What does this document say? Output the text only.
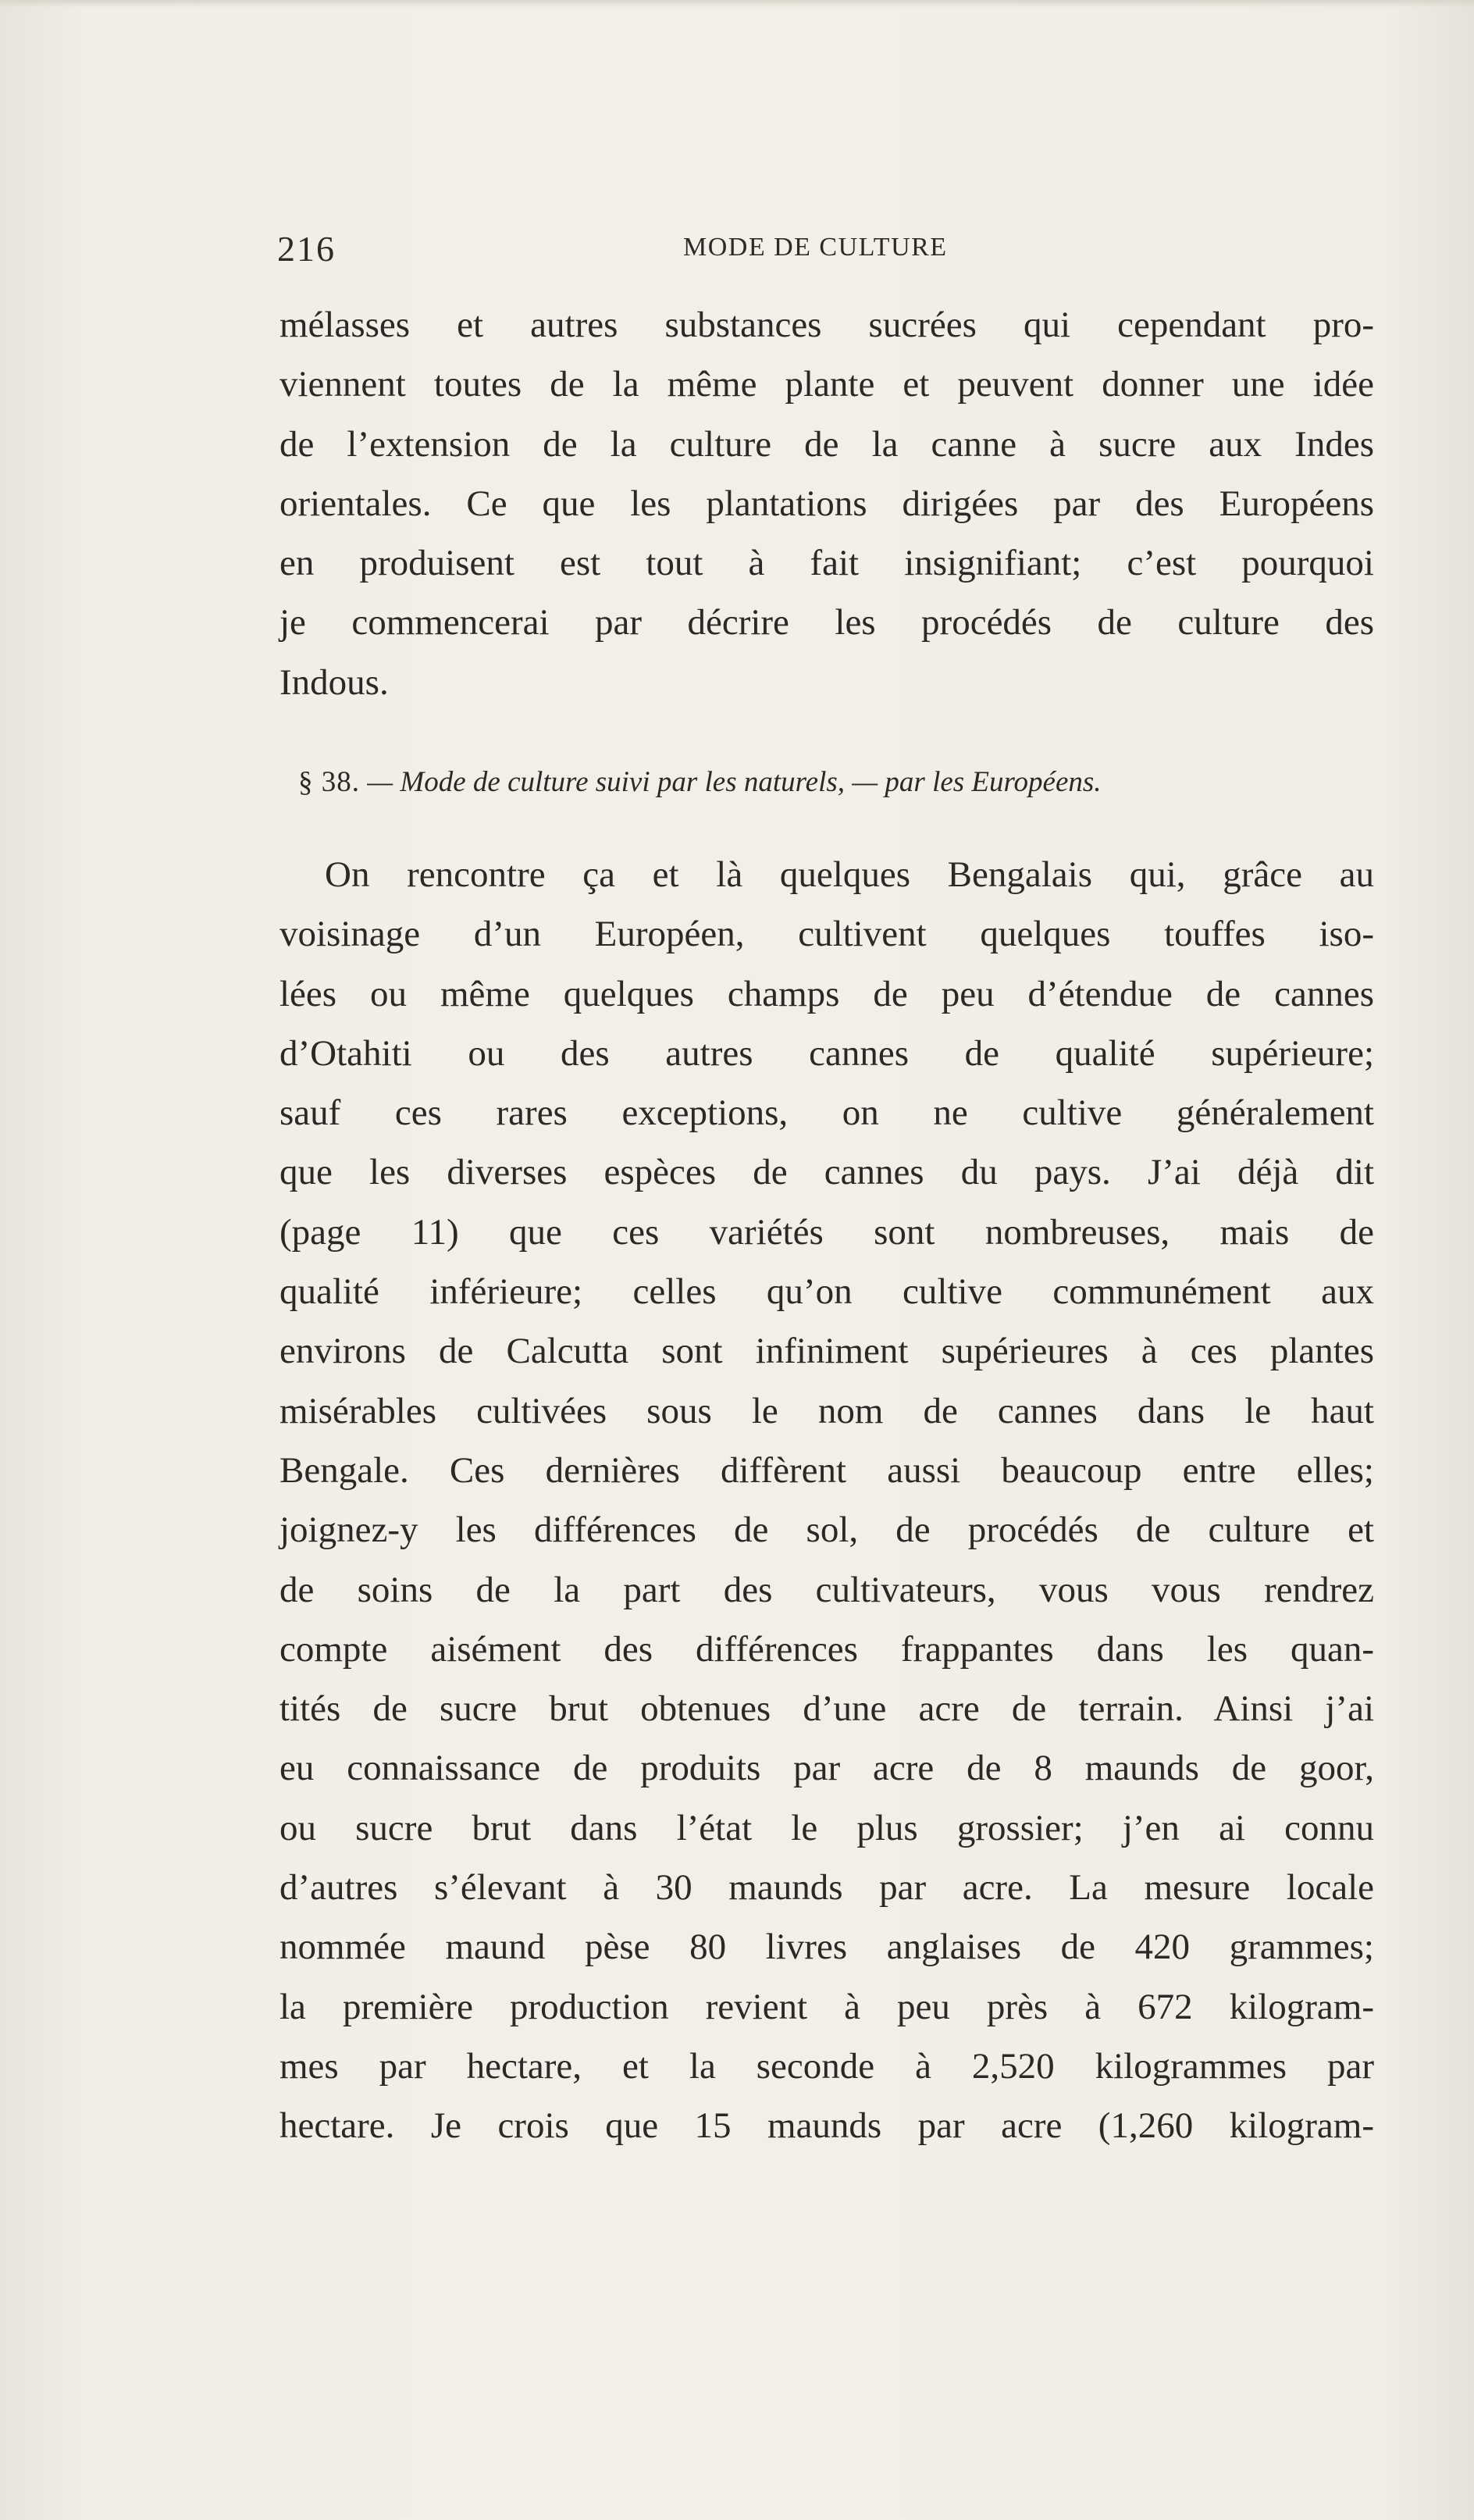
216	MODE DE CULTURE
mélasses et autres substances sucrées qui cependant pro-
viennent toutes de la même plante et peuvent donner une idée
de l’extension de la culture de la canne à sucre aux Indes
orientales. Ce que les plantations dirigées par des Européens
en produisent est tout à fait insignifiant; c’est pourquoi
je commencerai par décrire les procédés de culture des
Indous.
§ 38. — Mode de culture suivi par les naturels, — par les Européens.
On rencontre ça et là quelques Bengalais qui, grâce au
voisinage d’un Européen, cultivent quelques touffes iso-
lées ou même quelques champs de peu d’étendue de cannes
d’Otahiti ou des autres cannes de qualité supérieure;
sauf ces rares exceptions, on ne cultive généralement
que les diverses espèces de cannes du pays. J’ai déjà dit
(page 11) que ces variétés sont nombreuses, mais de
qualité inférieure; celles qu’on cultive communément aux
environs de Calcutta sont infiniment supérieures à ces plantes
misérables cultivées sous le nom de cannes dans le haut
Bengale. Ces dernières diffèrent aussi beaucoup entre elles;
joignez-y les différences de sol, de procédés de culture et
de soins de la part des cultivateurs, vous vous rendrez
compte aisément des différences frappantes dans les quan-
tités de sucre brut obtenues d’une acre de terrain. Ainsi j’ai
eu connaissance de produits par acre de 8 maunds de goor,
ou sucre brut dans l’état le plus grossier; j’en ai connu
d’autres s’élevant à 30 maunds par acre. La mesure locale
nommée maund pèse 80 livres anglaises de 420 grammes;
la première production revient à peu près à 672 kilogram-
mes par hectare, et la seconde à 2,520 kilogrammes par
hectare. Je crois que 15 maunds par acre (1,260 kilogram-
